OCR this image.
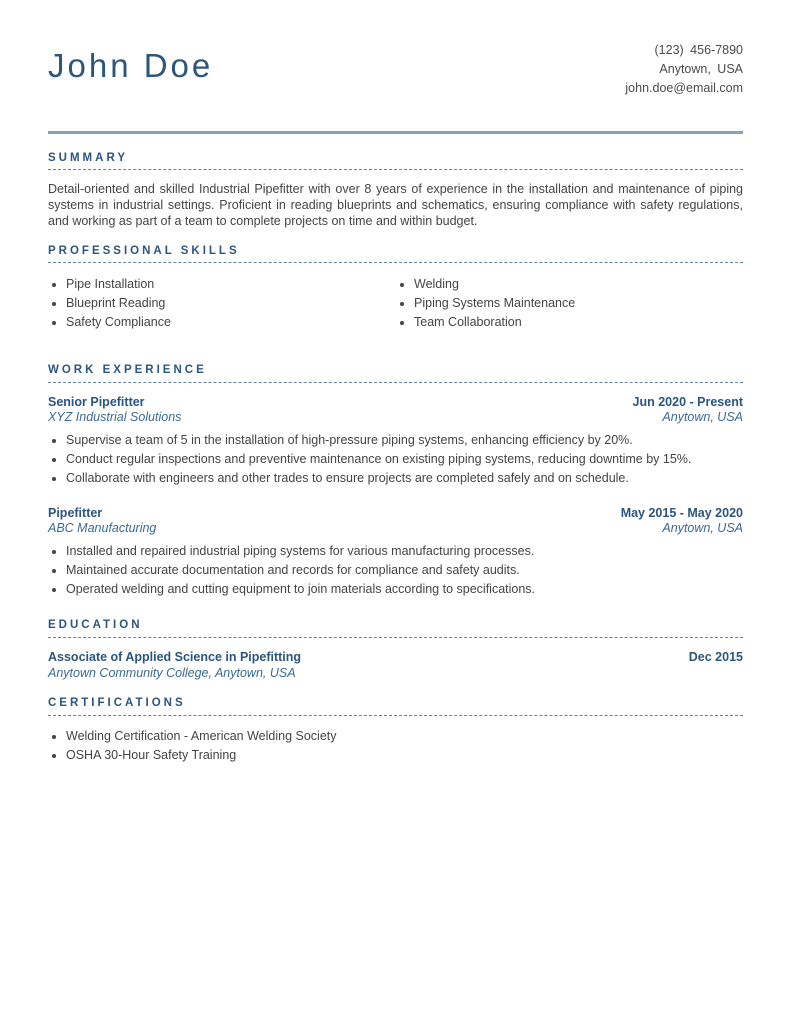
John Doe	(123) 456-7890
Anytown, USA
john.doe@email.com
SUMMARY
Detail-oriented and skilled Industrial Pipefitter with over 8 years of experience in the installation and maintenance of piping systems in industrial settings. Proficient in reading blueprints and schematics, ensuring compliance with safety regulations, and working as part of a team to complete projects on time and within budget.
PROFESSIONAL SKILLS
Pipe Installation
Blueprint Reading
Safety Compliance
Welding
Piping Systems Maintenance
Team Collaboration
WORK EXPERIENCE
Senior Pipefitter	Jun 2020 - Present
XYZ Industrial Solutions	Anytown, USA
Supervise a team of 5 in the installation of high-pressure piping systems, enhancing efficiency by 20%.
Conduct regular inspections and preventive maintenance on existing piping systems, reducing downtime by 15%.
Collaborate with engineers and other trades to ensure projects are completed safely and on schedule.
Pipefitter	May 2015 - May 2020
ABC Manufacturing	Anytown, USA
Installed and repaired industrial piping systems for various manufacturing processes.
Maintained accurate documentation and records for compliance and safety audits.
Operated welding and cutting equipment to join materials according to specifications.
EDUCATION
Associate of Applied Science in Pipefitting	Dec 2015
Anytown Community College, Anytown, USA
CERTIFICATIONS
Welding Certification - American Welding Society
OSHA 30-Hour Safety Training
